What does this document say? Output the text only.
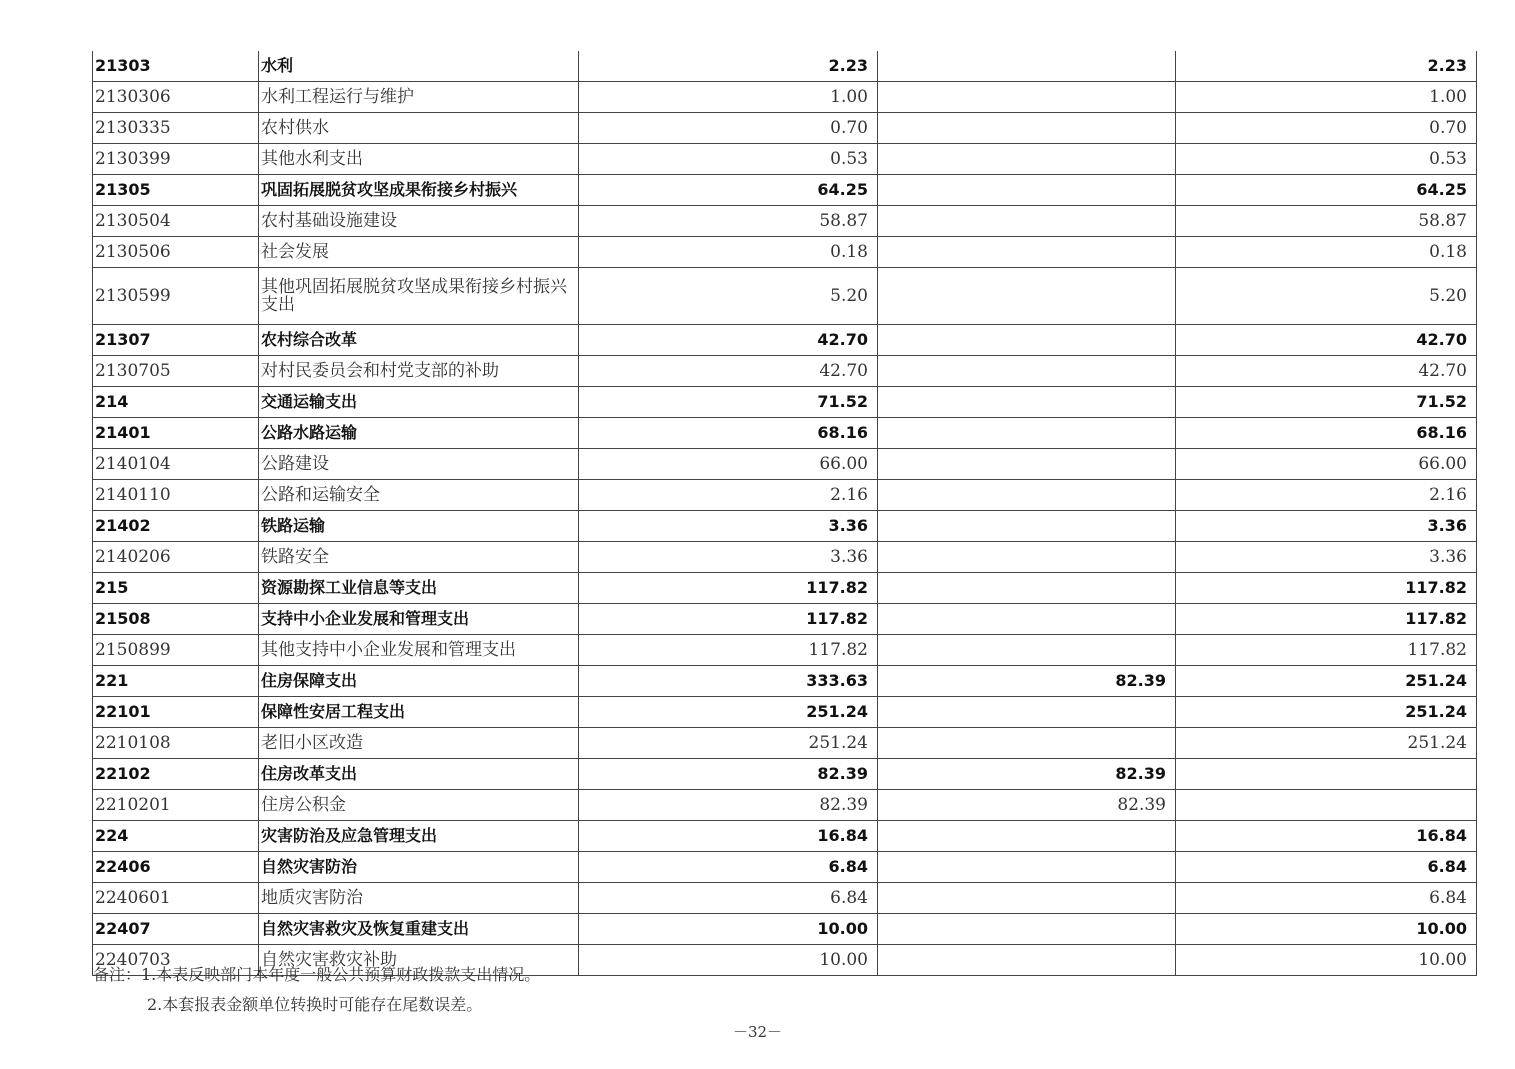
21303	水利	2.23		2.23
2130306	水利工程运行与维护	1.00		1.00
2130335	农村供水	0.70		0.70
2130399	其他水利支出	0.53		0.53
21305	巩固拓展脱贫攻坚成果衔接乡村振兴	64.25		64.25
2130504	农村基础设施建设	58.87		58.87
2130506	社会发展	0.18		0.18
2130599	其他巩固拓展脱贫攻坚成果衔接乡村振兴支出	5.20		5.20
21307	农村综合改革	42.70		42.70
2130705	对村民委员会和村党支部的补助	42.70		42.70
214	交通运输支出	71.52		71.52
21401	公路水路运输	68.16		68.16
2140104	公路建设	66.00		66.00
2140110	公路和运输安全	2.16		2.16
21402	铁路运输	3.36		3.36
2140206	铁路安全	3.36		3.36
215	资源勘探工业信息等支出	117.82		117.82
21508	支持中小企业发展和管理支出	117.82		117.82
2150899	其他支持中小企业发展和管理支出	117.82		117.82
221	住房保障支出	333.63	82.39	251.24
22101	保障性安居工程支出	251.24		251.24
2210108	老旧小区改造	251.24		251.24
22102	住房改革支出	82.39	82.39	
2210201	住房公积金	82.39	82.39	
224	灾害防治及应急管理支出	16.84		16.84
22406	自然灾害防治	6.84		6.84
2240601	地质灾害防治	6.84		6.84
22407	自然灾害救灾及恢复重建支出	10.00		10.00
2240703	自然灾害救灾补助	10.00		10.00
备注：1.本表反映部门本年度一般公共预算财政拨款支出情况。
2.本套报表金额单位转换时可能存在尾数误差。
－32－
